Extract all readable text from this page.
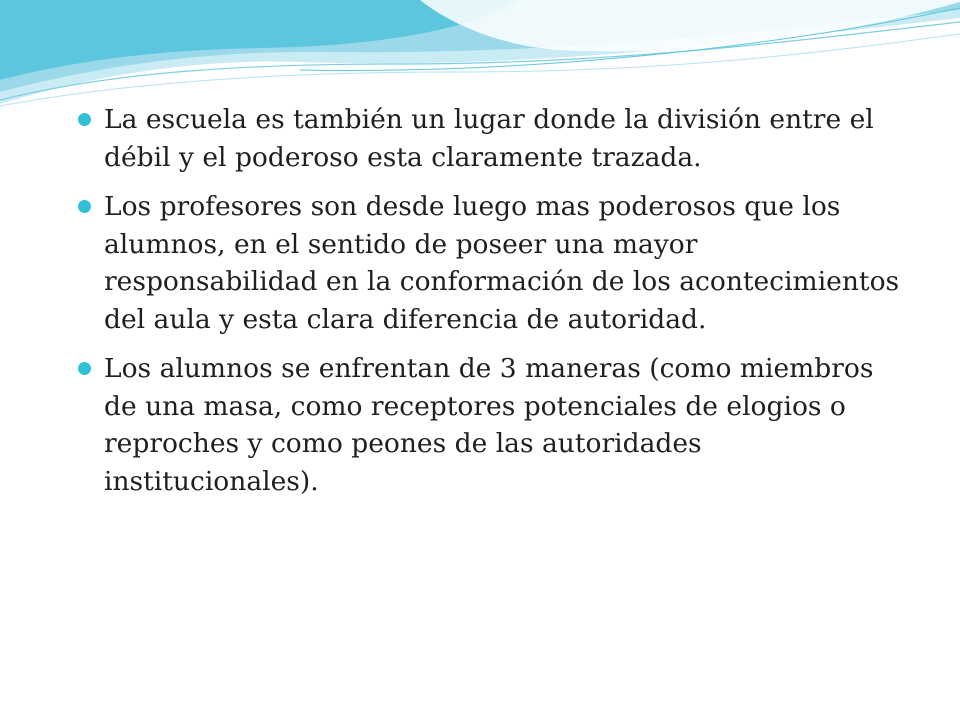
La escuela es también un lugar donde la división entre el débil y el poderoso esta claramente trazada.
Los profesores son desde luego mas poderosos que los alumnos, en el sentido de poseer una mayor responsabilidad en la conformación de los acontecimientos del aula y esta clara diferencia de autoridad.
Los alumnos se enfrentan de 3 maneras (como miembros de una masa, como receptores potenciales de elogios o reproches y como peones de las autoridades institucionales).
